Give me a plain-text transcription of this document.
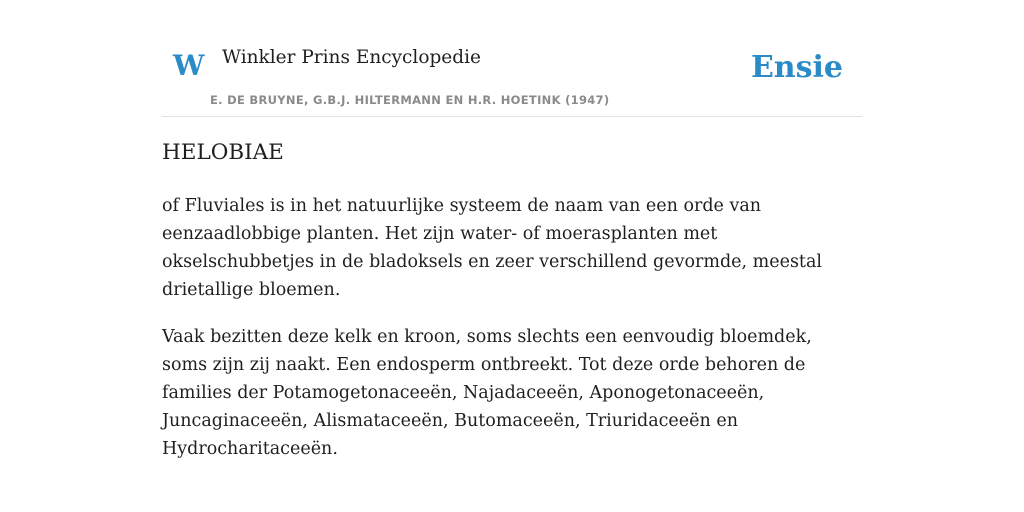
W Winkler Prins Encyclopedie
E. DE BRUYNE, G.B.J. HILTERMANN EN H.R. HOETINK (1947)
Ensie
HELOBIAE

of Fluviales is in het natuurlijke systeem de naam van een orde van eenzaadlobbige planten. Het zijn water- of moerasplanten met okselschubbetjes in de bladoksels en zeer verschillend gevormde, meestal drietallige bloemen.

Vaak bezitten deze kelk en kroon, soms slechts een eenvoudig bloemdek, soms zijn zij naakt. Een endosperm ontbreekt. Tot deze orde behoren de families der Potamogetonaceeën, Najadaceeën, Aponogetonaceeën, Juncaginaceeën, Alismataceeën, Butomaceeën, Triuridaceeën en Hydrocharitaceeën.
